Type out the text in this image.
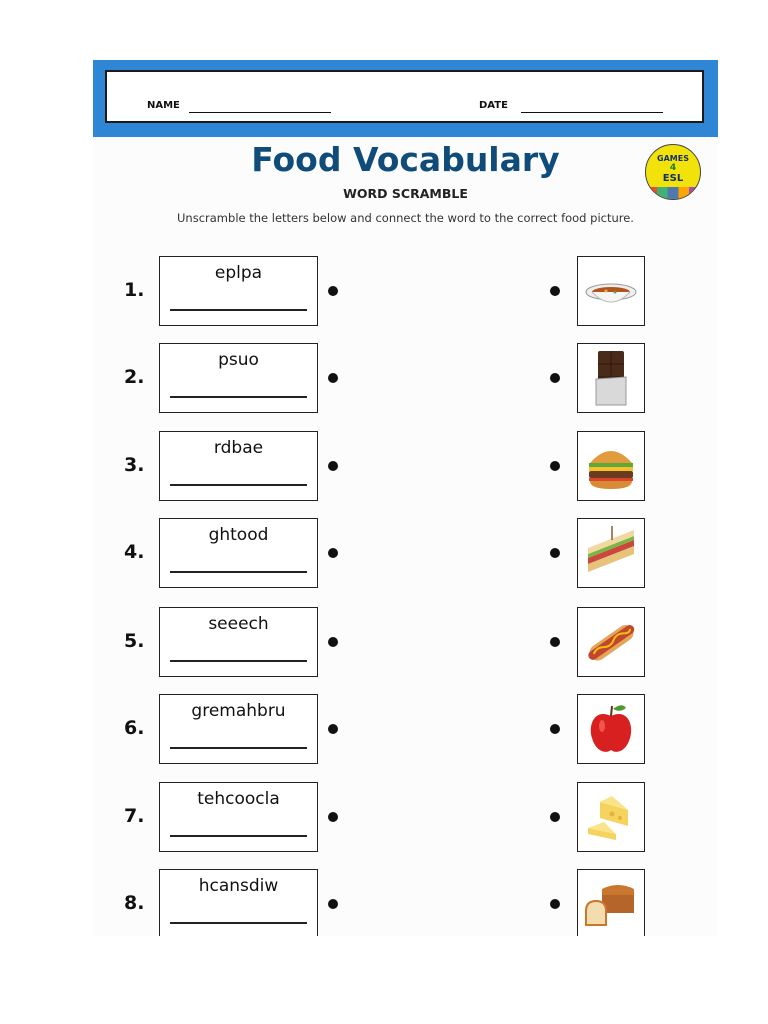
NAME	DATE
Food Vocabulary
WORD SCRAMBLE
Unscramble the letters below and connect the word to the correct food picture.
GAMES
4
ESL
1.
eplpa
2.
psuo
3.
rdbae
4.
ghtood
5.
seeech
6.
gremahbru
7.
tehcoocla
8.
hcansdiw
